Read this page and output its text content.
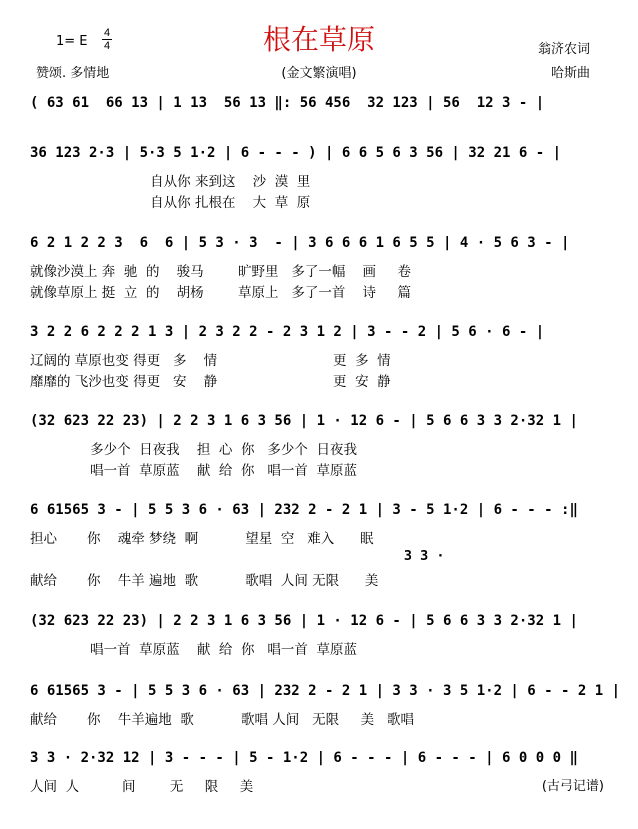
根在草原
1= E
4
4
赞颂. 多情地	(金文繁演唱)
翁济农词
哈斯曲
( 63 61  66 13 | 1 13  56 13 ‖: 56 456  32 123 | 56  12 3 - |
36 123 2·3 | 5·3 5 1·2 | 6 - - - ) | 6 6 5 6 3 56 | 32 21 6 - |
自从你 来到这    沙  漠  里
自从你 扎根在    大  草  原
6 2 1 2 2 3  6  6 | 5 3 · 3  - | 3 6 6 6 1 6 5 5 | 4 · 5 6 3 - |
就像沙漠上 奔  驰  的    骏马        旷野里   多了一幅    画     卷
就像草原上 挺  立  的    胡杨        草原上   多了一首    诗     篇
3 2 2 6 2 2 2 1 3 | 2 3 2 2 - 2 3 1 2 | 3 - - 2 | 5 6 · 6 - |
辽阔的 草原也变 得更   多    情                           更  多  情
靡靡的 飞沙也变 得更   安    静                           更  安  静
(32 623 22 23) | 2 2 3 1 6 3 56 | 1 · 12 6 - | 5 6 6 3 3 2·32 1 |
多少个  日夜我    担  心  你   多少个  日夜我
唱一首  草原蓝    献  给  你   唱一首  草原蓝
6 61565 3 - | 5 5 3 6 · 63 | 232 2 - 2 1 | 3 - 5 1·2 | 6 - - - :‖
担心       你    魂牵 梦绕  啊           望星  空   难入      眠
3 3 ·
献给       你    牛羊 遍地  歌           歌唱  人间 无限      美
(32 623 22 23) | 2 2 3 1 6 3 56 | 1 · 12 6 - | 5 6 6 3 3 2·32 1 |
唱一首  草原蓝    献  给  你   唱一首  草原蓝
6 61565 3 - | 5 5 3 6 · 63 | 232 2 - 2 1 | 3 3 · 3 5 1·2 | 6 - - 2 1 |
献给       你    牛羊遍地  歌           歌唱 人间   无限     美   歌唱
3 3 · 2·32 12 | 3 - - - | 5 - 1·2 | 6 - - - | 6 - - - | 6 0 0 0 ‖
人间  人          间        无     限     美	(古弓记谱)
